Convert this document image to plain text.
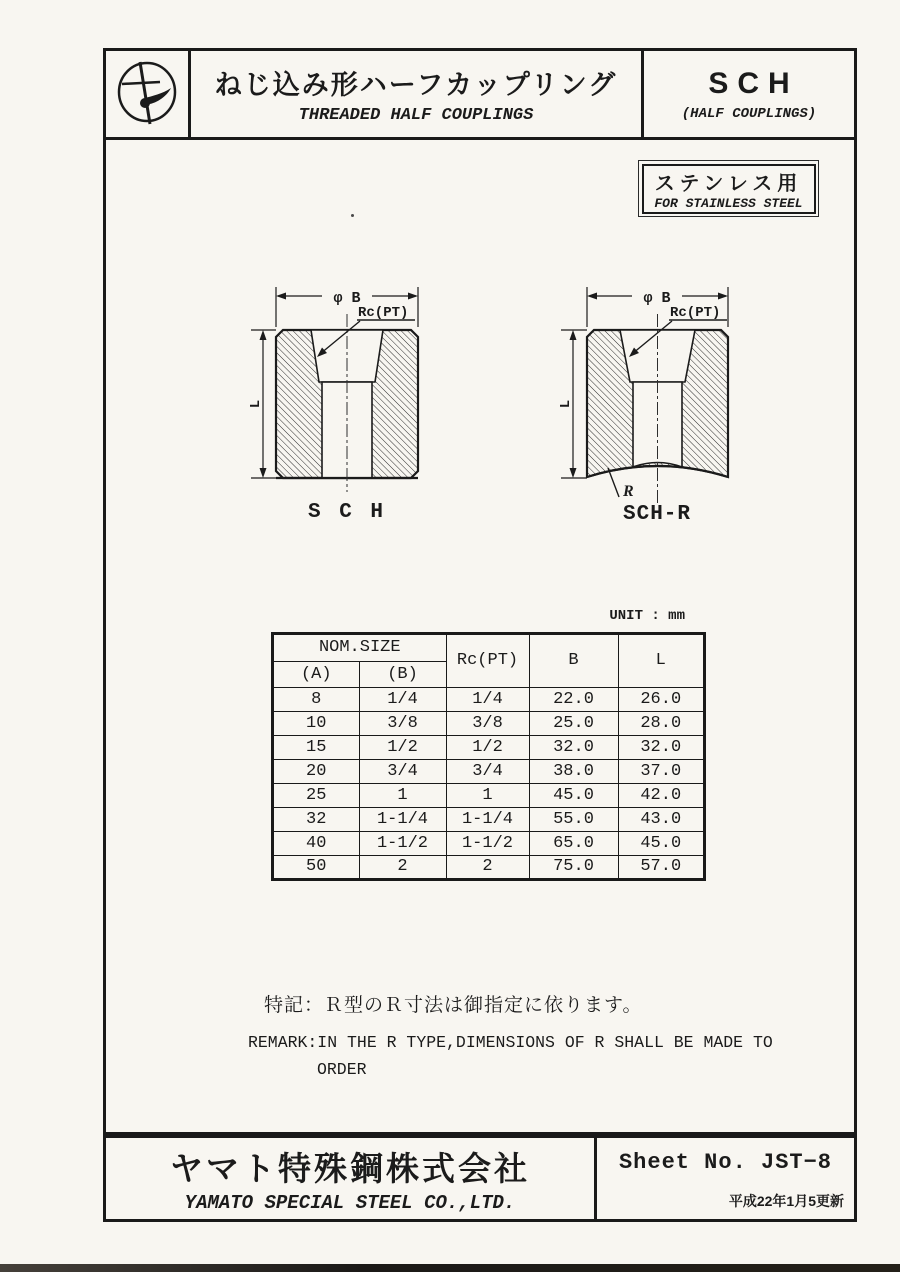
ねじ込み形ハーフカップリング
THREADED HALF COUPLINGS
SCH
(HALF COUPLINGS)
ステンレス用
FOR STAINLESS STEEL
φ B
Rc(PT)
L
S C H
φ B
Rc(PT)
L
R
SCH-R
UNIT : mm
NOM.SIZE		Rc(PT)	B	L
(A)	(B)			
8	1/4	1/4	22.0	26.0
10	3/8	3/8	25.0	28.0
15	1/2	1/2	32.0	32.0
20	3/4	3/4	38.0	37.0
25	1	1	45.0	42.0
32	1-1/4	1-1/4	55.0	43.0
40	1-1/2	1-1/2	65.0	45.0
50	2	2	75.0	57.0
特記：Ｒ型のＲ寸法は御指定に依ります。
REMARK:IN THE R TYPE,DIMENSIONS OF R SHALL BE MADE TO
ORDER
ヤマト特殊鋼株式会社
YAMATO SPECIAL STEEL CO.,LTD.
Sheet No. JST−8
平成22年1月5更新
